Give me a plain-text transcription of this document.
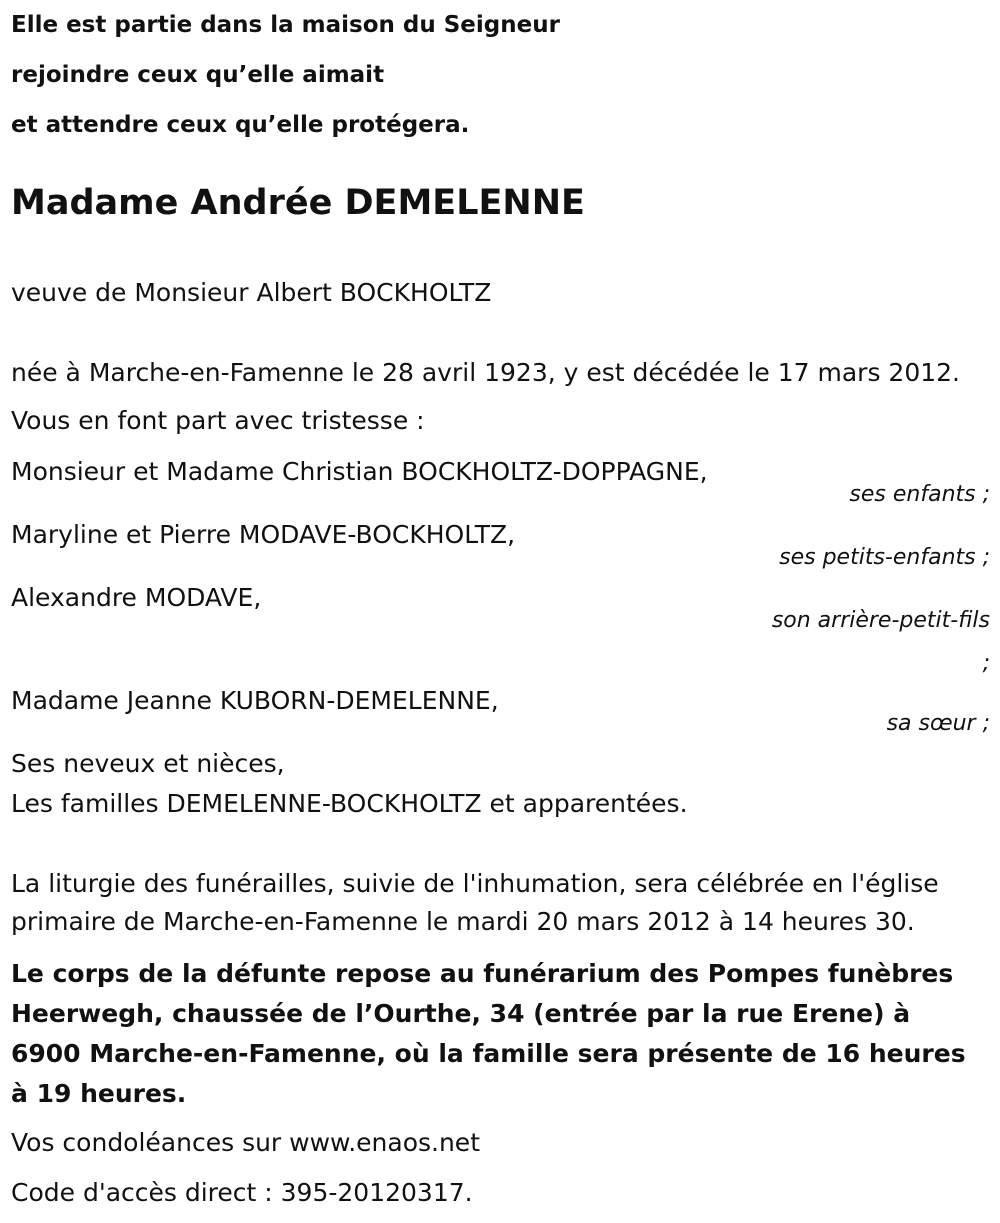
Elle est partie dans la maison du Seigneur

rejoindre ceux qu’elle aimait

et attendre ceux qu’elle protégera.

Madame Andrée DEMELENNE

veuve de Monsieur Albert BOCKHOLTZ

née à Marche-en-Famenne le 28 avril 1923, y est décédée le 17 mars 2012.

Vous en font part avec tristesse :

Monsieur et Madame Christian BOCKHOLTZ-DOPPAGNE,

ses enfants ;

Maryline et Pierre MODAVE-BOCKHOLTZ,

ses petits-enfants ;

Alexandre MODAVE,

son arrière-petit-fils

;

Madame Jeanne KUBORN-DEMELENNE,

sa sœur ;

Ses neveux et nièces,

Les familles DEMELENNE-BOCKHOLTZ et apparentées.

La liturgie des funérailles, suivie de l'inhumation, sera célébrée en l'église

primaire de Marche-en-Famenne le mardi 20 mars 2012 à 14 heures 30.

Le corps de la défunte repose au funérarium des Pompes funèbres Heerwegh, chaussée de l’Ourthe, 34 (entrée par la rue Erene) à 6900 Marche-en-Famenne, où la famille sera présente de 16 heures à 19 heures.

Vos condoléances sur www.enaos.net

Code d'accès direct : 395-20120317.
